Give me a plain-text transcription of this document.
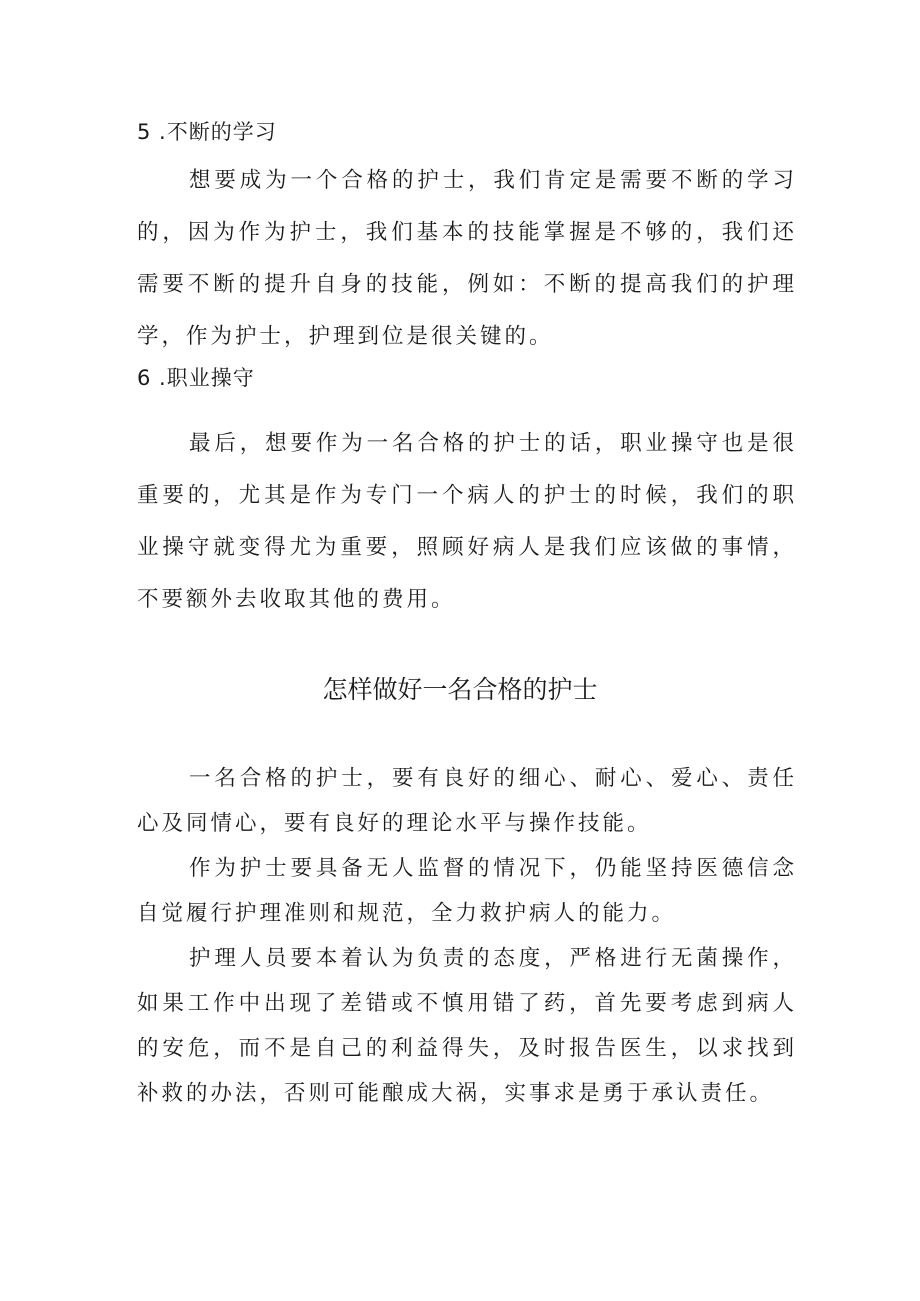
5 .不断的学习

想要成为一个合格的护士，我们肯定是需要不断的学习的，因为作为护士，我们基本的技能掌握是不够的，我们还需要不断的提升自身的技能，例如：不断的提高我们的护理学，作为护士，护理到位是很关键的。

6 .职业操守

最后，想要作为一名合格的护士的话，职业操守也是很重要的，尤其是作为专门一个病人的护士的时候，我们的职业操守就变得尤为重要，照顾好病人是我们应该做的事情，不要额外去收取其他的费用。

怎样做好一名合格的护士

一名合格的护士，要有良好的细心、耐心、爱心、责任心及同情心，要有良好的理论水平与操作技能。

作为护士要具备无人监督的情况下，仍能坚持医德信念自觉履行护理准则和规范，全力救护病人的能力。

护理人员要本着认为负责的态度，严格进行无菌操作，如果工作中出现了差错或不慎用错了药，首先要考虑到病人的安危，而不是自己的利益得失，及时报告医生，以求找到补救的办法，否则可能酿成大祸，实事求是勇于承认责任。
